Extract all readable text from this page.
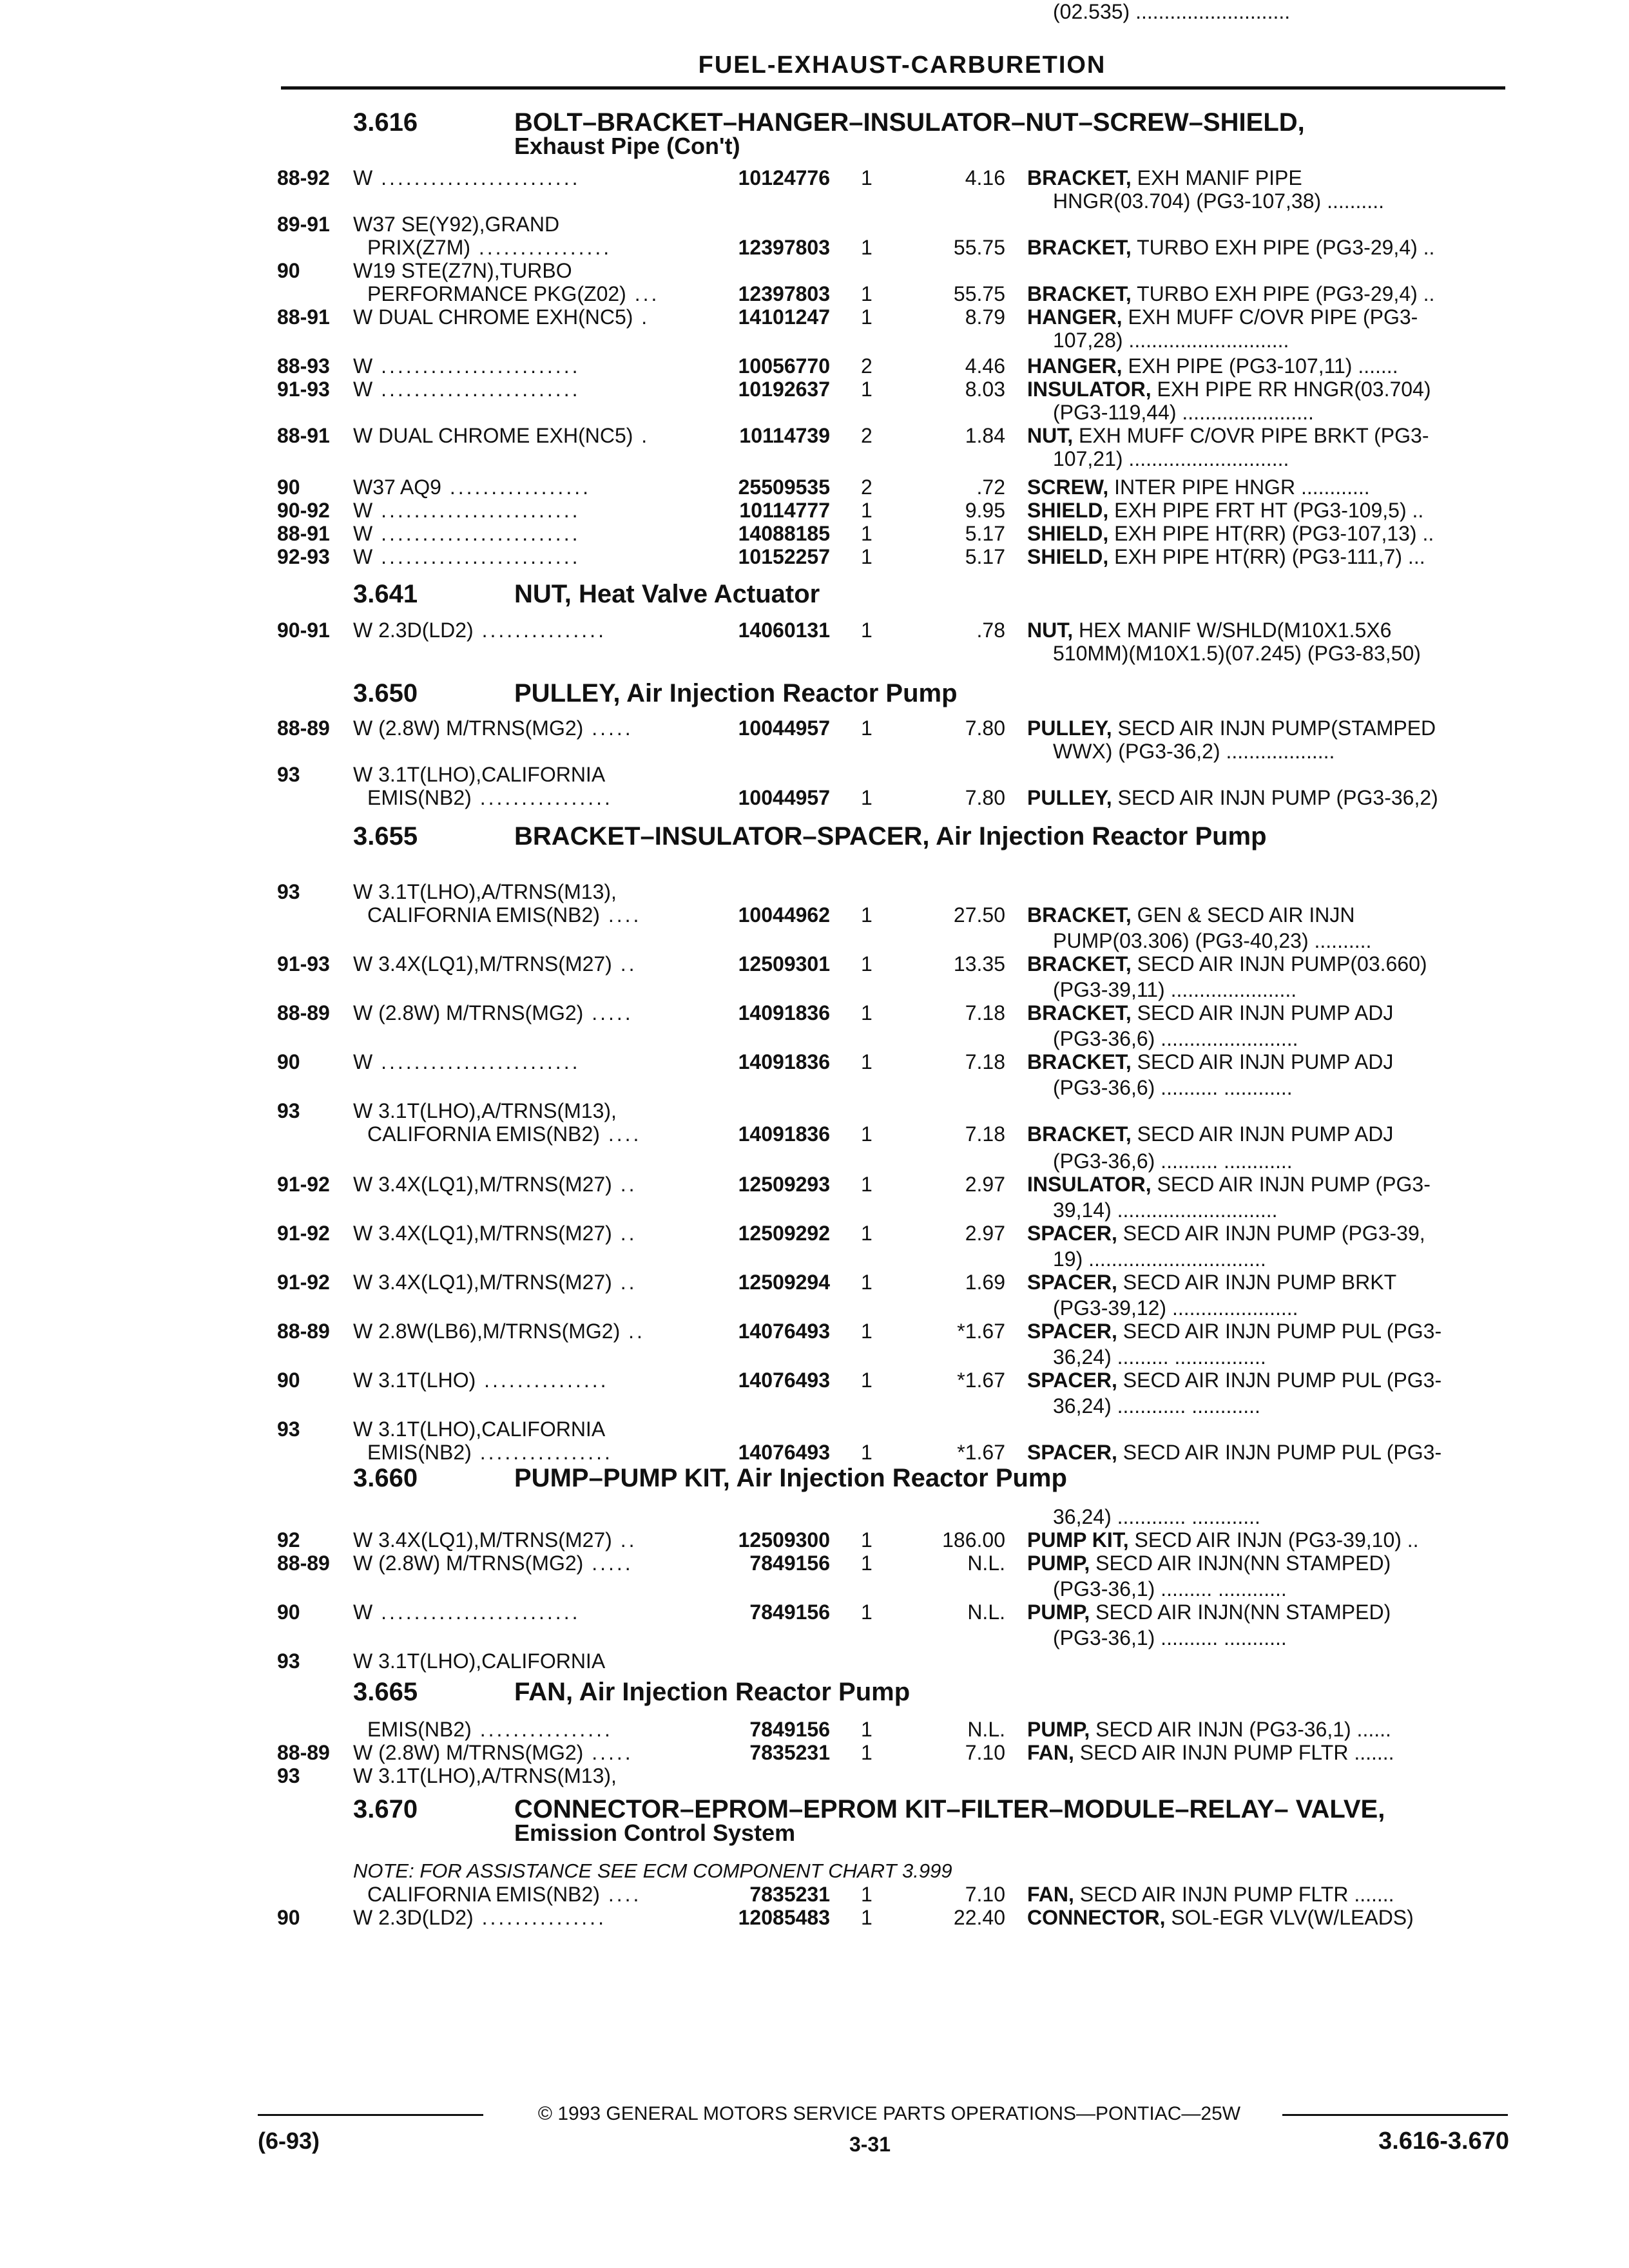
FUEL-EXHAUST-CARBURETION
3.616	BOLT–BRACKET–HANGER–INSULATOR–NUT–SCREW–SHIELD,
Exhaust Pipe (Con't)
3.641	NUT, Heat Valve Actuator
3.650	PULLEY, Air Injection Reactor Pump
3.655	BRACKET–INSULATOR–SPACER, Air Injection Reactor Pump
3.660	PUMP–PUMP KIT, Air Injection Reactor Pump
3.665	FAN, Air Injection Reactor Pump
3.670	CONNECTOR–EPROM–EPROM KIT–FILTER–MODULE–RELAY– VALVE,
Emission Control System
88-92 W ........................	10124776 1	4.16 BRACKET, EXH MANIF PIPE
HNGR(03.704) (PG3-107,38) ..........
89-91 W37 SE(Y92),GRAND
PRIX(Z7M) ................	12397803 1	55.75 BRACKET, TURBO EXH PIPE (PG3-29,4) ..
90	W19 STE(Z7N),TURBO
PERFORMANCE PKG(Z02) ...	12397803 1	55.75 BRACKET, TURBO EXH PIPE (PG3-29,4) ..
88-91 W DUAL CHROME EXH(NC5) .	14101247 1	8.79 HANGER, EXH MUFF C/OVR PIPE (PG3-
107,28) ............................
88-93 W ........................	10056770 2	4.46 HANGER, EXH PIPE (PG3-107,11) .......
91-93 W ........................	10192637 1	8.03 INSULATOR, EXH PIPE RR HNGR(03.704)
(PG3-119,44) .......................
88-91 W DUAL CHROME EXH(NC5) .	10114739 2	1.84 NUT, EXH MUFF C/OVR PIPE BRKT (PG3-
107,21) ............................
90	W37 AQ9 .................	25509535 2	.72 SCREW, INTER PIPE HNGR ............
90-92 W ........................	10114777 1	9.95 SHIELD, EXH PIPE FRT HT (PG3-109,5) ..
88-91 W ........................	14088185 1	5.17 SHIELD, EXH PIPE HT(RR) (PG3-107,13) ..
92-93 W ........................	10152257 1	5.17 SHIELD, EXH PIPE HT(RR) (PG3-111,7) ...
90-91 W 2.3D(LD2) ...............	14060131 1	.78 NUT, HEX MANIF W/SHLD(M10X1.5X6
510MM)(M10X1.5)(07.245) (PG3-83,50)
88-89 W (2.8W) M/TRNS(MG2) .....	10044957 1	7.80 PULLEY, SECD AIR INJN PUMP(STAMPED
WWX) (PG3-36,2) ...................
93	W 3.1T(LHO),CALIFORNIA
EMIS(NB2) ................	10044957 1	7.80 PULLEY, SECD AIR INJN PUMP (PG3-36,2)
93	W 3.1T(LHO),A/TRNS(M13),
CALIFORNIA EMIS(NB2) ....	10044962 1	27.50 BRACKET, GEN & SECD AIR INJN
PUMP(03.306) (PG3-40,23) ..........
91-93 W 3.4X(LQ1),M/TRNS(M27) ..	12509301 1	13.35 BRACKET, SECD AIR INJN PUMP(03.660)
(PG3-39,11) ......................
88-89 W (2.8W) M/TRNS(MG2) .....	14091836 1	7.18 BRACKET, SECD AIR INJN PUMP ADJ
(PG3-36,6) ........................
90	W ........................	14091836 1	7.18 BRACKET, SECD AIR INJN PUMP ADJ
(PG3-36,6) .......... ............
93	W 3.1T(LHO),A/TRNS(M13),
CALIFORNIA EMIS(NB2) ....	14091836 1	7.18 BRACKET, SECD AIR INJN PUMP ADJ
(PG3-36,6) .......... ............
91-92 W 3.4X(LQ1),M/TRNS(M27) ..	12509293 1	2.97 INSULATOR, SECD AIR INJN PUMP (PG3-
39,14) ............................
91-92 W 3.4X(LQ1),M/TRNS(M27) ..	12509292 1	2.97 SPACER, SECD AIR INJN PUMP (PG3-39,
19) ...............................
91-92 W 3.4X(LQ1),M/TRNS(M27) ..	12509294 1	1.69 SPACER, SECD AIR INJN PUMP BRKT
(PG3-39,12) ......................
88-89 W 2.8W(LB6),M/TRNS(MG2) ..	14076493 1	*1.67 SPACER, SECD AIR INJN PUMP PUL (PG3-
36,24) ......... ................
90	W 3.1T(LHO) ...............	14076493 1	*1.67 SPACER, SECD AIR INJN PUMP PUL (PG3-
36,24) ............ ............
93	W 3.1T(LHO),CALIFORNIA
EMIS(NB2) ................	14076493 1	*1.67 SPACER, SECD AIR INJN PUMP PUL (PG3-
36,24) ............ ............
92	W 3.4X(LQ1),M/TRNS(M27) ..	12509300 1	186.00 PUMP KIT, SECD AIR INJN (PG3-39,10) ..
88-89 W (2.8W) M/TRNS(MG2) .....	7849156 1	N.L. PUMP, SECD AIR INJN(NN STAMPED)
(PG3-36,1) ......... ............
90	W ........................	7849156 1	N.L. PUMP, SECD AIR INJN(NN STAMPED)
(PG3-36,1) .......... ...........
93	W 3.1T(LHO),CALIFORNIA
EMIS(NB2) ................	7849156 1	N.L. PUMP, SECD AIR INJN (PG3-36,1) ......
88-89 W (2.8W) M/TRNS(MG2) .....	7835231 1	7.10 FAN, SECD AIR INJN PUMP FLTR .......
93	W 3.1T(LHO),A/TRNS(M13),
CALIFORNIA EMIS(NB2) ....	7835231 1	7.10 FAN, SECD AIR INJN PUMP FLTR .......
90	W 2.3D(LD2) ...............	12085483 1	22.40 CONNECTOR, SOL-EGR VLV(W/LEADS)
(02.535) ...........................
NOTE: FOR ASSISTANCE SEE ECM COMPONENT CHART 3.999
© 1993 GENERAL MOTORS SERVICE PARTS OPERATIONS—PONTIAC—25W
(6-93)	3-31	3.616-3.670
